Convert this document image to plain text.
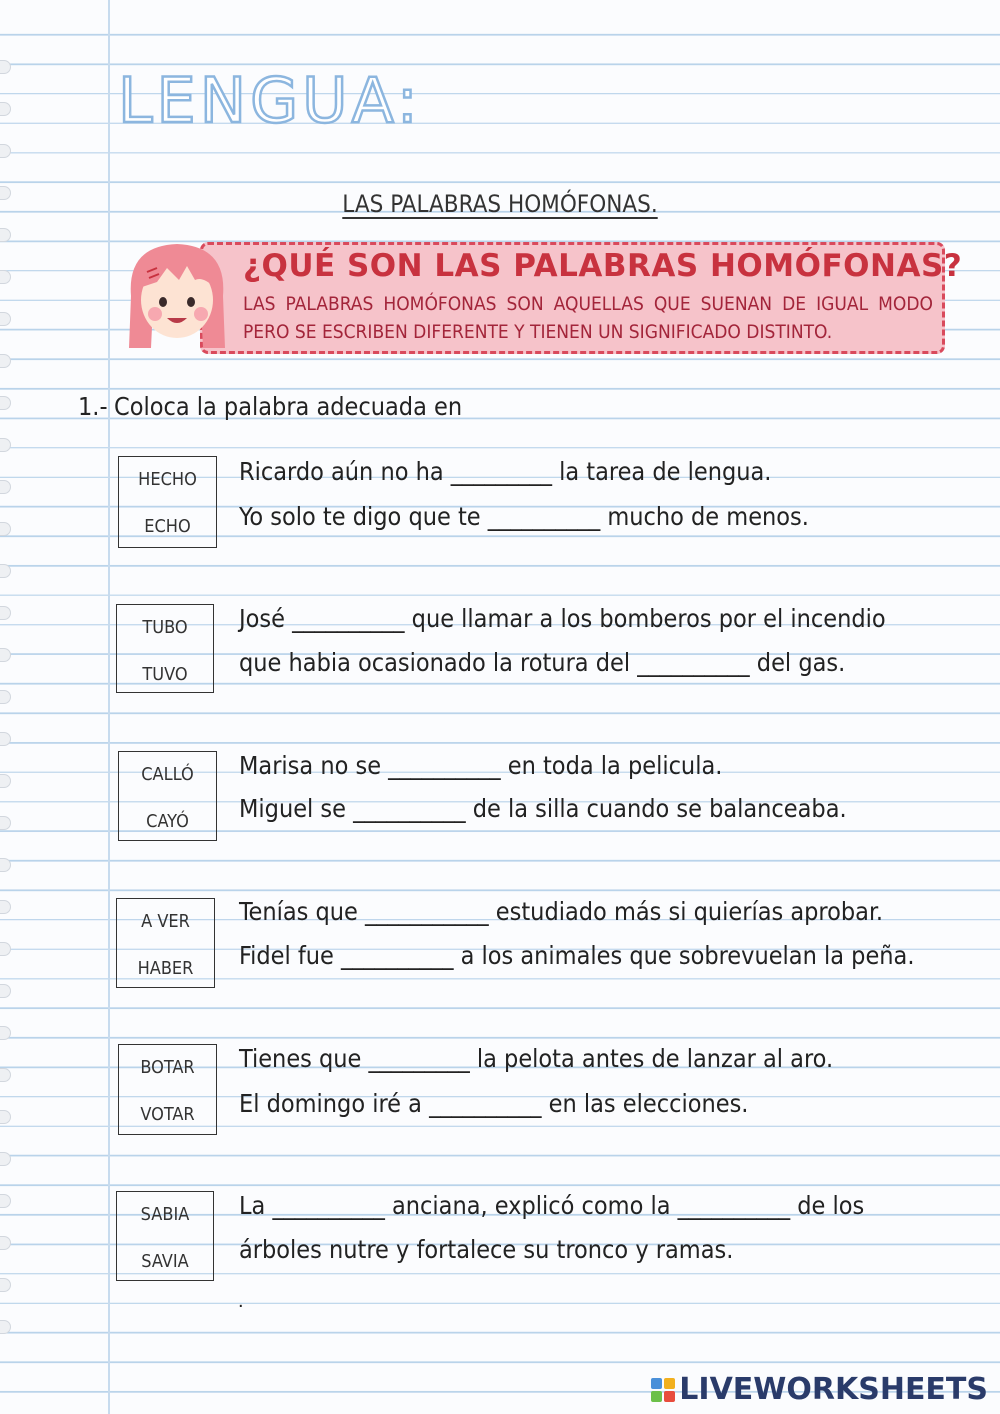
LENGUA:
LAS PALABRAS HOMÓFONAS.
¿QUÉ SON LAS PALABRAS HOMÓFONAS?
LAS PALABRAS HOMÓFONAS SON AQUELLAS QUE SUENAN DE IGUAL MODO PERO SE ESCRIBEN DIFERENTE Y TIENEN UN SIGNIFICADO DISTINTO.
1.- Coloca la palabra adecuada en
HECHO
ECHO
Ricardo aún no ha _________ la tarea de lengua.
Yo solo te digo que te __________ mucho de menos.
TUBO
TUVO
José __________ que llamar a los bomberos por el incendio
que habia ocasionado la rotura del __________ del gas.
CALLÓ
CAYÓ
Marisa no se __________ en toda la pelicula.
Miguel se __________ de la silla cuando se balanceaba.
A VER
HABER
Tenías que ___________ estudiado más si quierías aprobar.
Fidel fue __________ a los animales que sobrevuelan la peña.
BOTAR
VOTAR
Tienes que _________ la pelota antes de lanzar al aro.
El domingo iré a __________ en las elecciones.
SABIA
SAVIA
La __________ anciana, explicó como la __________ de los
árboles nutre y fortalece su tronco y ramas.
.
LIVEWORKSHEETS
